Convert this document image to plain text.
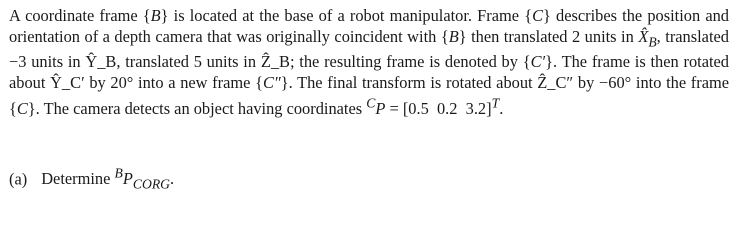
A coordinate frame {B} is located at the base of a robot manipulator. Frame {C} describes the position and orientation of a depth camera that was originally coincident with {B} then translated 2 units in $X̂_B$, translated −3 units in Ŷ_B, translated 5 units in Ẑ_B; the resulting frame is denoted by {C′}. The frame is then rotated about Ŷ_C′ by 20° into a new frame {C″}. The final transform is rotated about Ẑ_C″ by −60° into the frame {C}. The camera detects an object having coordinates $^C$P = [0.5 0.2 3.2]$^T$.
(a) Determine $^BP_{CORG}$.
